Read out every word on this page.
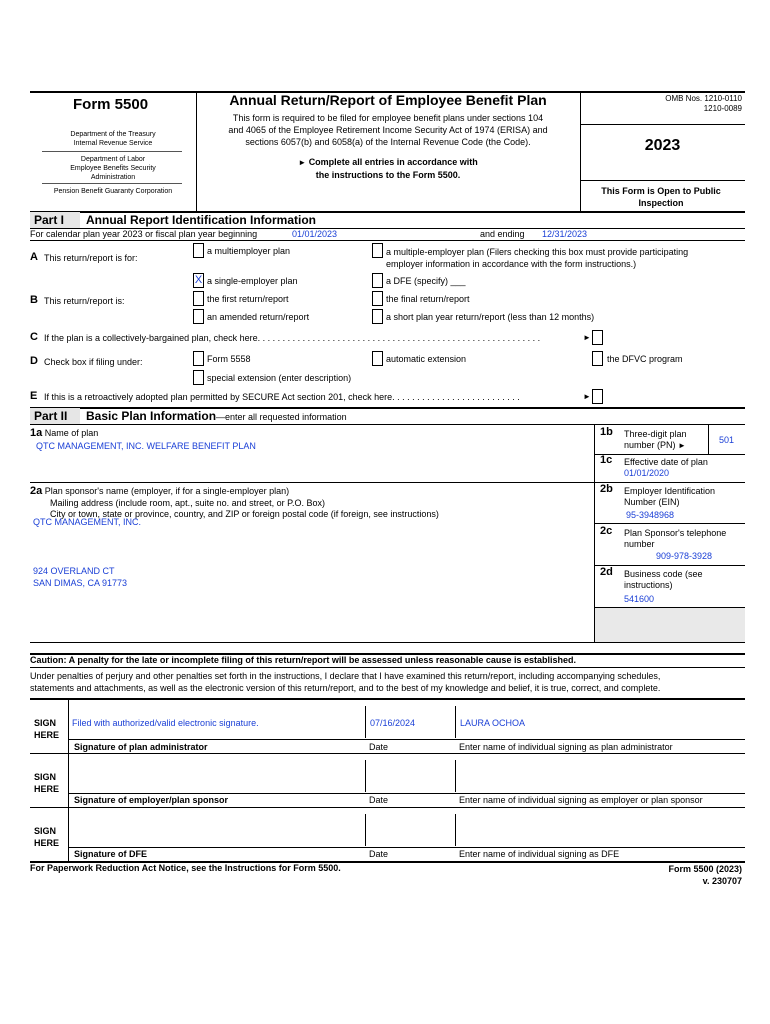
Form 5500
Department of the Treasury
Internal Revenue Service
Department of Labor
Employee Benefits Security
Administration
Pension Benefit Guaranty Corporation
Annual Return/Report of Employee Benefit Plan
This form is required to be filed for employee benefit plans under sections 104
and 4065 of the Employee Retirement Income Security Act of 1974 (ERISA) and
sections 6057(b) and 6058(a) of the Internal Revenue Code (the Code).
► Complete all entries in accordance with
the instructions to the Form 5500.
OMB Nos. 1210-0110
1210-0089
2023
This Form is Open to Public
Inspection
Part I	Annual Report Identification Information
For calendar plan year 2023 or fiscal plan year beginning	01/01/2023	and ending 12/31/2023
A This return/report is for:
a multiemployer plan	a multiple-employer plan (Filers checking this box must provide participating
employer information in accordance with the form instructions.)
X a single-employer plan	a DFE (specify) ___
B This return/report is:	the first return/report	the final return/report
an amended return/report	a short plan year return/report (less than 12 months)
C If the plan is a collectively-bargained plan, check here. . . . . . . . . . . . . . . . . . . . . . . . . . . . . . . . . . . . . . . . . . . . . . . . . . . . . . . . .	►
D Check box if filing under:	Form 5558	automatic extension	the DFVC program
special extension (enter description)
E If this is a retroactively adopted plan permitted by SECURE Act section 201, check here. . . . . . . . . . . . . . . . . . . . . . . . . .	►
Part II	Basic Plan Information—enter all requested information
1a Name of plan
QTC MANAGEMENT, INC. WELFARE BENEFIT PLAN
1b Three-digit plan
number (PN) ►
501
1c Effective date of plan
01/01/2020
2a Plan sponsor's name (employer, if for a single-employer plan)
Mailing address (include room, apt., suite no. and street, or P.O. Box)
City or town, state or province, country, and ZIP or foreign postal code (if foreign, see instructions)
QTC MANAGEMENT, INC.
924 OVERLAND CT
SAN DIMAS, CA 91773
2b Employer Identification
Number (EIN)
95-3948968
2c Plan Sponsor's telephone
number
909-978-3928
2d Business code (see
instructions)
541600
Caution: A penalty for the late or incomplete filing of this return/report will be assessed unless reasonable cause is established.
Under penalties of perjury and other penalties set forth in the instructions, I declare that I have examined this return/report, including accompanying schedules,
statements and attachments, as well as the electronic version of this return/report, and to the best of my knowledge and belief, it is true, correct, and complete.
SIGN
HERE
Filed with authorized/valid electronic signature.	07/16/2024	LAURA OCHOA
Signature of plan administrator	Date	Enter name of individual signing as plan administrator
SIGN
HERE
Signature of employer/plan sponsor	Date	Enter name of individual signing as employer or plan sponsor
SIGN
HERE
Signature of DFE	Date	Enter name of individual signing as DFE
For Paperwork Reduction Act Notice, see the Instructions for Form 5500.	Form 5500 (2023)
v. 230707
